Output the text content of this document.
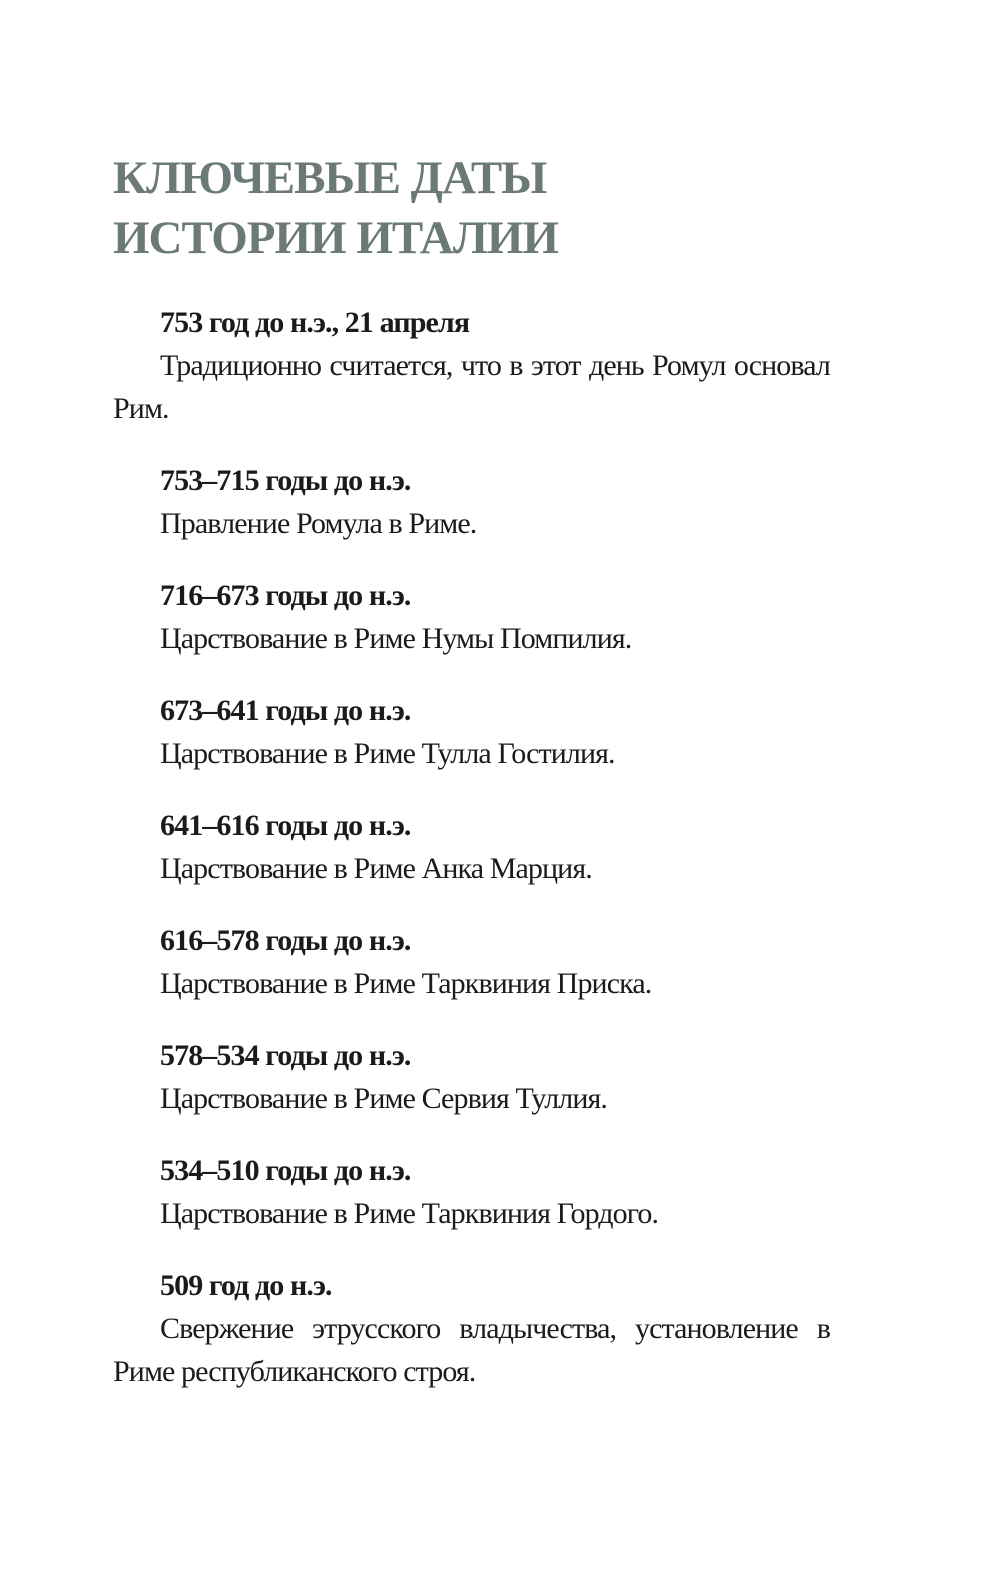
КЛЮЧЕВЫЕ ДАТЫ
ИСТОРИИ ИТАЛИИ

753 год до н.э., 21 апреля

Традиционно считается, что в этот день Ромул основал Рим.

753–715 годы до н.э.

Правление Ромула в Риме.

716–673 годы до н.э.

Царствование в Риме Нумы Помпилия.

673–641 годы до н.э.

Царствование в Риме Тулла Гостилия.

641–616 годы до н.э.

Царствование в Риме Анка Марция.

616–578 годы до н.э.

Царствование в Риме Тарквиния Приска.

578–534 годы до н.э.

Царствование в Риме Сервия Туллия.

534–510 годы до н.э.

Царствование в Риме Тарквиния Гордого.

509 год до н.э.

Свержение этрусского владычества, установление в Риме республиканского строя.
